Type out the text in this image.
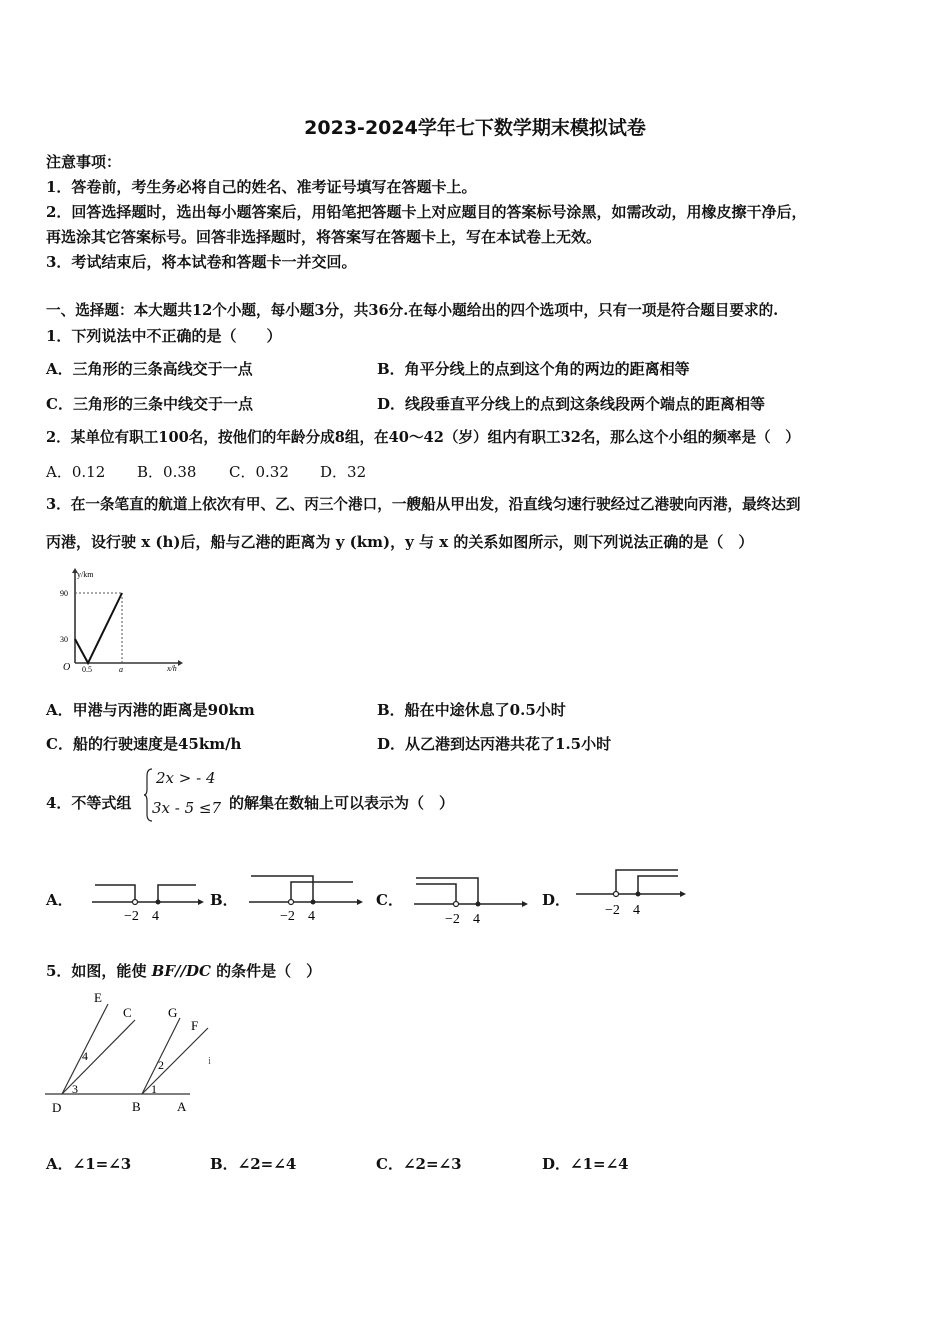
2023-2024学年七下数学期末模拟试卷
注意事项：
1．答卷前，考生务必将自己的姓名、准考证号填写在答题卡上。
2．回答选择题时，选出每小题答案后，用铅笔把答题卡上对应题目的答案标号涂黑，如需改动，用橡皮擦干净后，
再选涂其它答案标号。回答非选择题时，将答案写在答题卡上，写在本试卷上无效。
3．考试结束后，将本试卷和答题卡一并交回。
一、选择题：本大题共12个小题，每小题3分，共36分.在每小题给出的四个选项中，只有一项是符合题目要求的.
1．下列说法中不正确的是（　　）
A．三角形的三条高线交于一点	B．角平分线上的点到这个角的两边的距离相等
C．三角形的三条中线交于一点	D．线段垂直平分线上的点到这条线段两个端点的距离相等
2．某单位有职工100名，按他们的年龄分成8组，在40～42（岁）组内有职工32名，那么这个小组的频率是（　）
A．0.12 B．0.38 C．0.32 D．32
3．在一条笔直的航道上依次有甲、乙、丙三个港口，一艘船从甲出发，沿直线匀速行驶经过乙港驶向丙港，最终达到
丙港，设行驶 x (h)后，船与乙港的距离为 y (km)，y 与 x 的关系如图所示，则下列说法正确的是（　）
y/km
x/h
O
90
30
0.5	a
A．甲港与丙港的距离是90km	B．船在中途休息了0.5小时
C．船的行驶速度是45km/h	D．从乙港到达丙港共花了1.5小时
4．不等式组
2x > - 4
3x - 5 ≤7 的解集在数轴上可以表示为（　）
A．
−2 4
B．
−2 4
C．
−2 4
D．
−2 4
5．如图，能使 BF//DC 的条件是（　）
E
C	G
F
D	B	A
1
2
3
4	i
A．∠1=∠3	B．∠2=∠4	C．∠2=∠3	D．∠1=∠4
